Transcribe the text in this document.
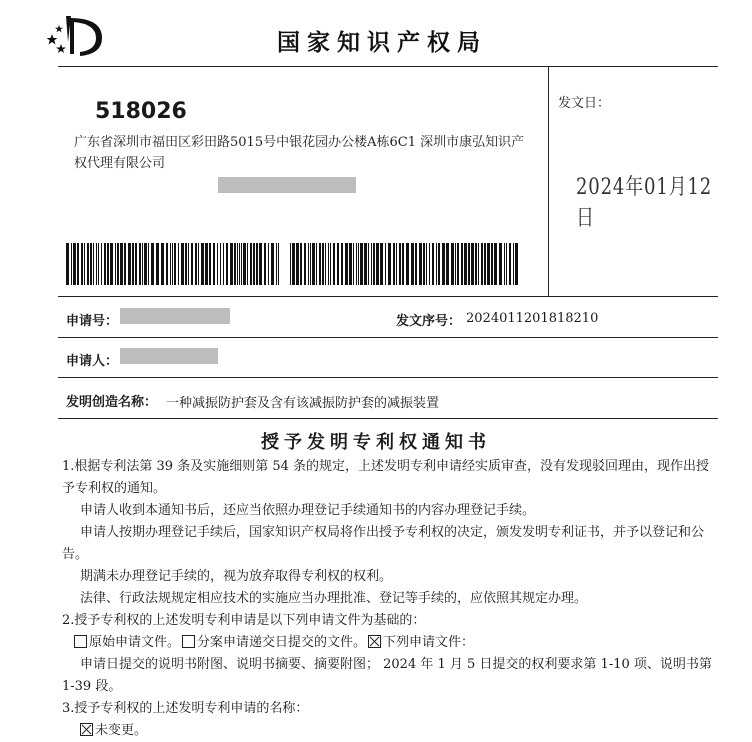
国家知识产权局
518026
广东省深圳市福田区彩田路5015号中银花园办公楼A栋6C1 深圳市康弘知识产权代理有限公司
发文日：
2024年01月12日
申请号：	发文序号： 2024011201818210
申请人：
发明创造名称： 一种减振防护套及含有该减振防护套的减振装置
授予发明专利权通知书

1.根据专利法第 39 条及实施细则第 54 条的规定，上述发明专利申请经实质审查，没有发现驳回理由，现作出授予专利权的通知。

申请人收到本通知书后，还应当依照办理登记手续通知书的内容办理登记手续。

申请人按期办理登记手续后，国家知识产权局将作出授予专利权的决定，颁发发明专利证书，并予以登记和公告。

期满未办理登记手续的，视为放弃取得专利权的权利。

法律、行政法规规定相应技术的实施应当办理批准、登记等手续的，应依照其规定办理。

2.授予专利权的上述发明专利申请是以下列申请文件为基础的：

原始申请文件。 分案申请递交日提交的文件。 下列申请文件：

申请日提交的说明书附图、说明书摘要、摘要附图； 2024 年 1 月 5 日提交的权利要求第 1-10 项、说明书第 1-39 段。

3.授予专利权的上述发明专利申请的名称：

未变更。
